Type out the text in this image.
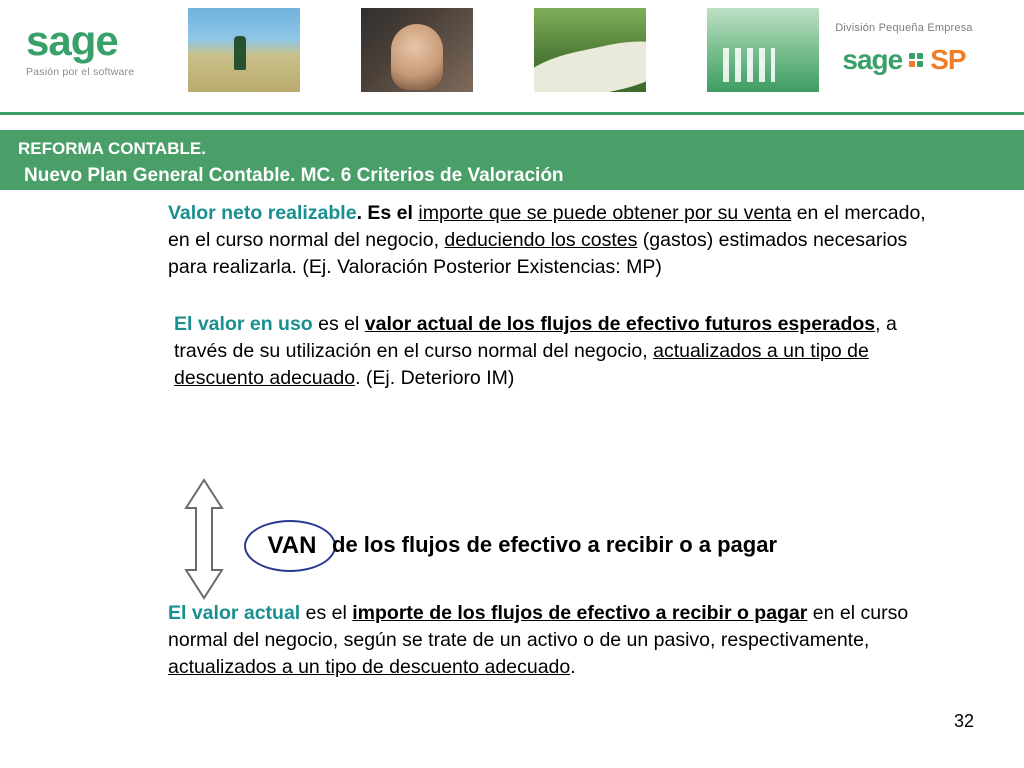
sage
Pasión por el software
División Pequeña Empresa
sage SP
REFORMA CONTABLE.
Nuevo Plan General Contable. MC. 6 Criterios de Valoración
Valor neto realizable. Es el importe que se puede obtener por su venta en el mercado, en el curso normal del negocio, deduciendo los costes (gastos) estimados necesarios para realizarla. (Ej. Valoración Posterior Existencias: MP)
El valor en uso es el valor actual de los flujos de efectivo futuros esperados, a través de su utilización en el curso normal del negocio, actualizados a un tipo de descuento adecuado. (Ej. Deterioro IM)
VAN de los flujos de efectivo a recibir o a pagar
El valor actual es el importe de los flujos de efectivo a recibir o pagar en el curso normal del negocio, según se trate de un activo o de un pasivo, respectivamente, actualizados a un tipo de descuento adecuado.
32
